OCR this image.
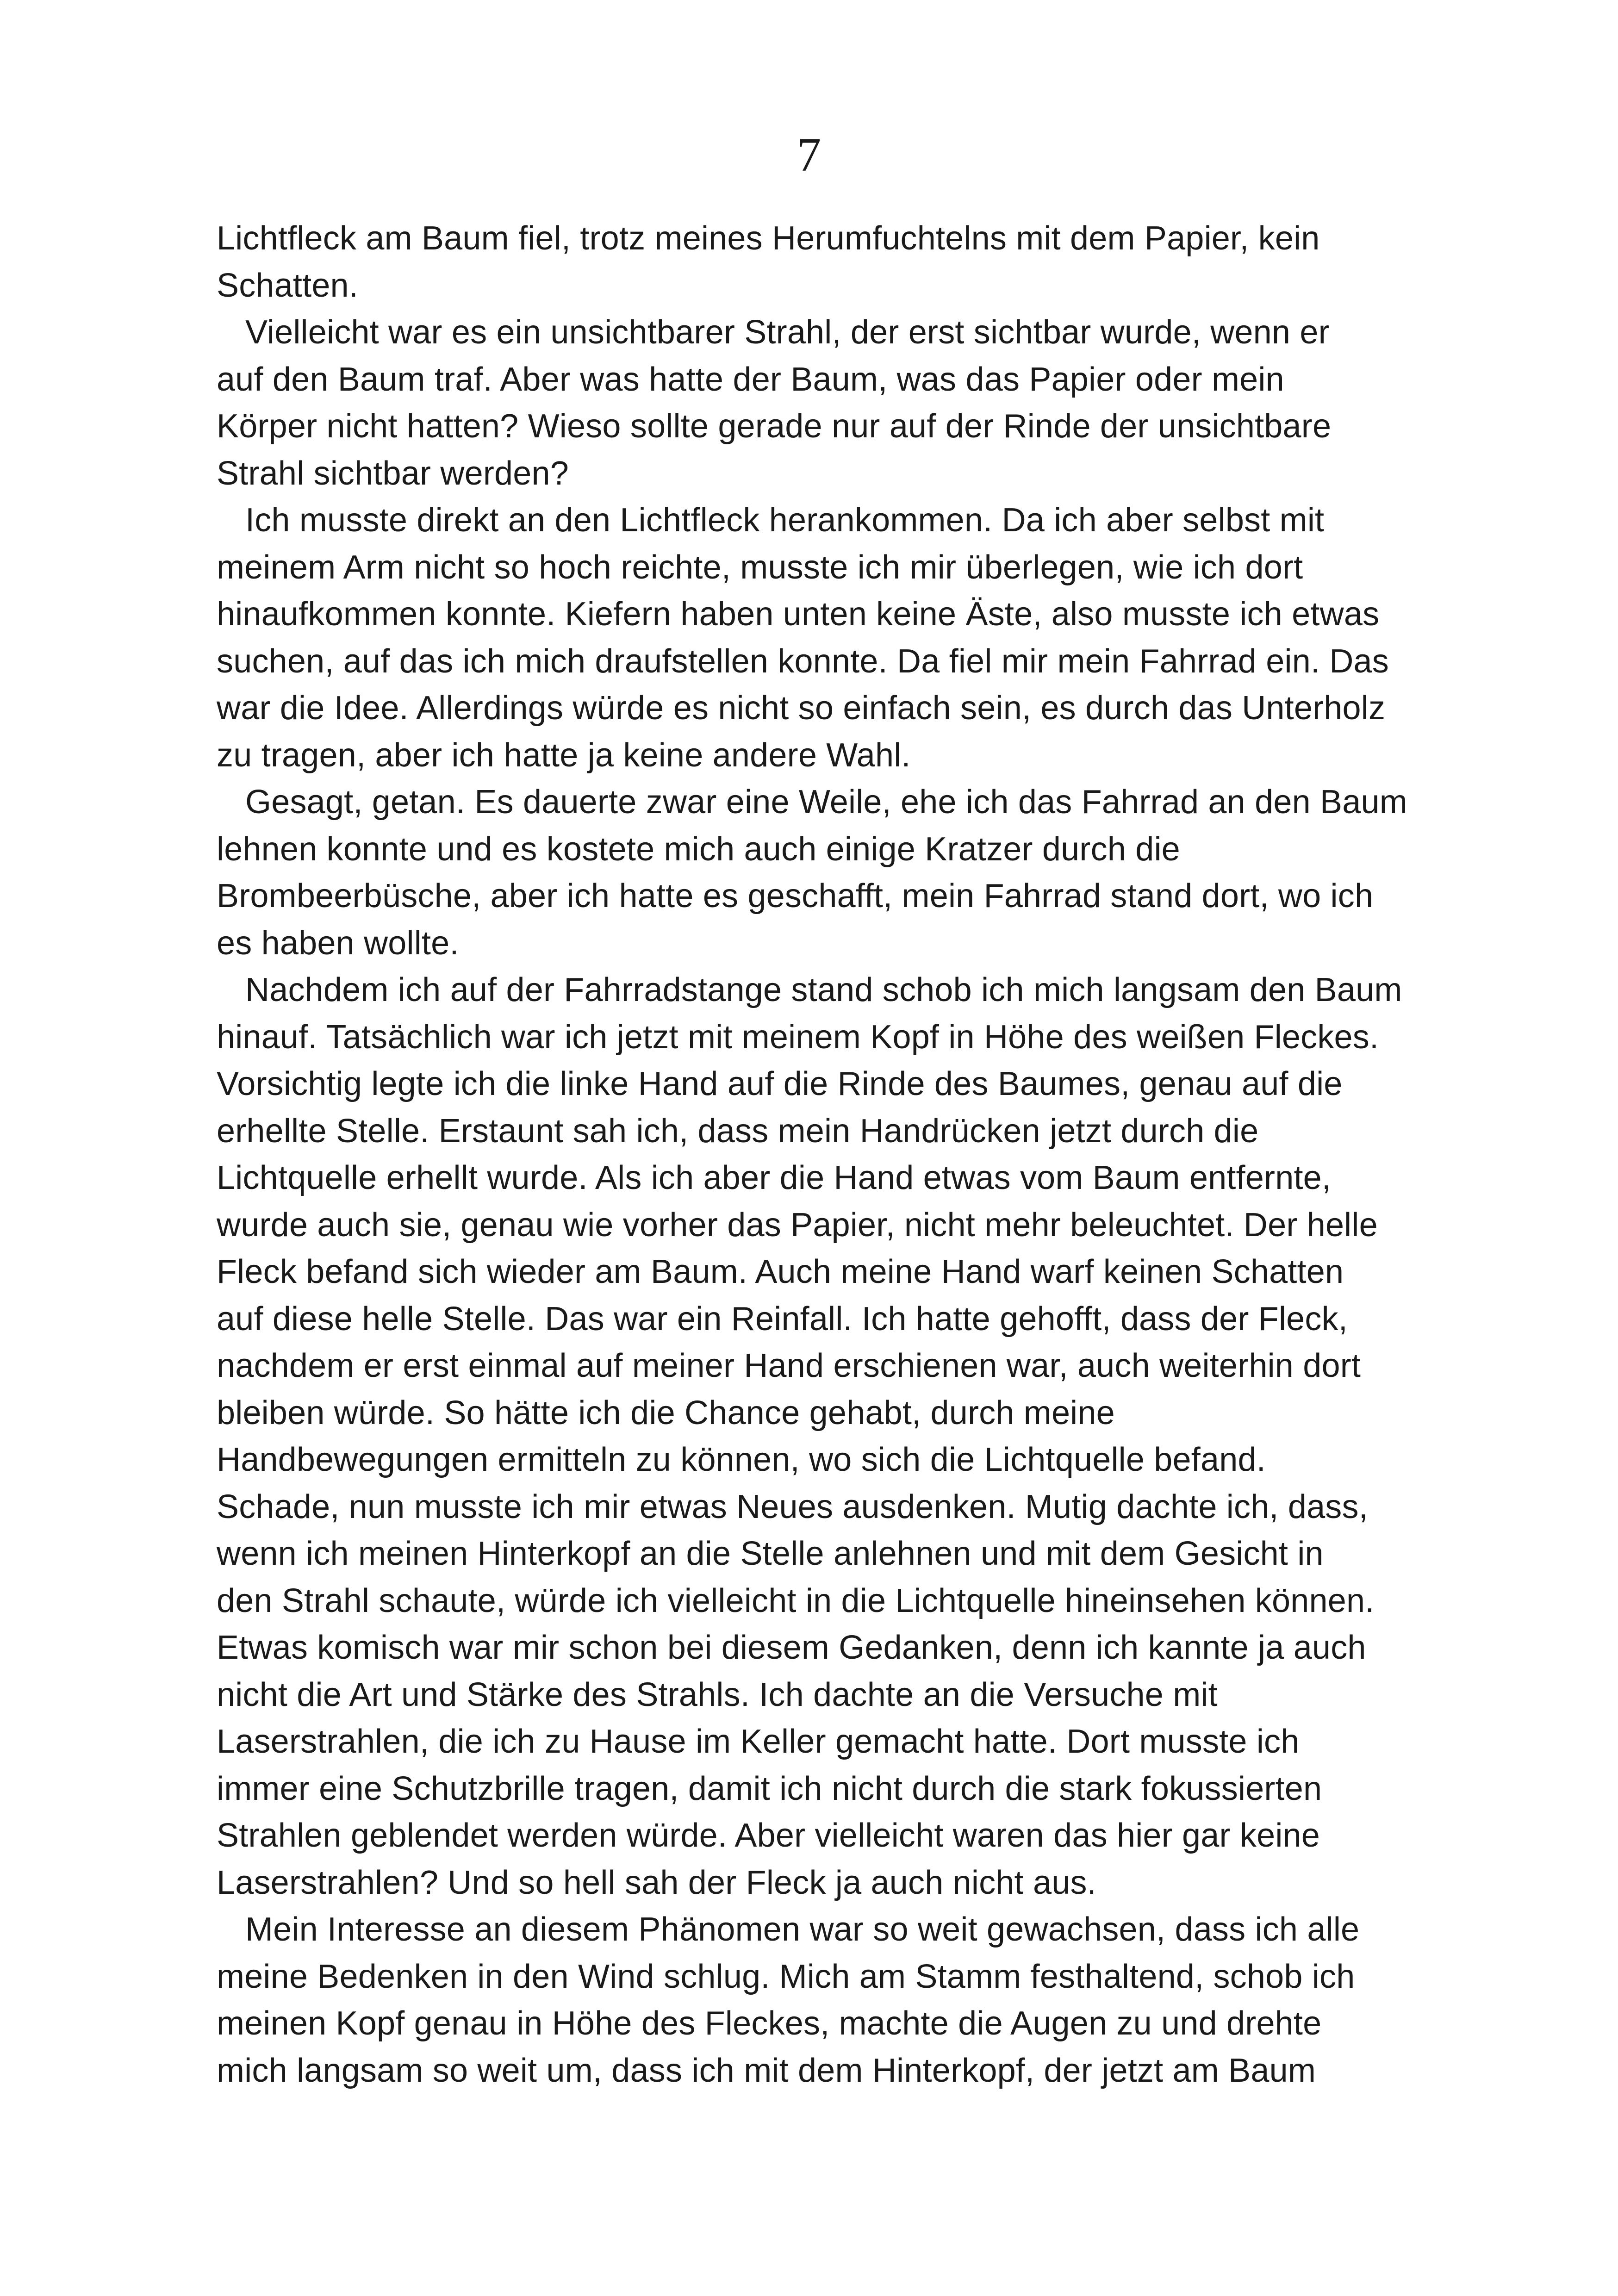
7
Lichtfleck am Baum fiel, trotz meines Herumfuchtelns mit dem Papier, kein
Schatten.
Vielleicht war es ein unsichtbarer Strahl, der erst sichtbar wurde, wenn er
auf den Baum traf. Aber was hatte der Baum, was das Papier oder mein
Körper nicht hatten? Wieso sollte gerade nur auf der Rinde der unsichtbare
Strahl sichtbar werden?
Ich musste direkt an den Lichtfleck herankommen. Da ich aber selbst mit
meinem Arm nicht so hoch reichte, musste ich mir überlegen, wie ich dort
hinaufkommen konnte. Kiefern haben unten keine Äste, also musste ich etwas
suchen, auf das ich mich draufstellen konnte. Da fiel mir mein Fahrrad ein. Das
war die Idee. Allerdings würde es nicht so einfach sein, es durch das Unterholz
zu tragen, aber ich hatte ja keine andere Wahl.
Gesagt, getan. Es dauerte zwar eine Weile, ehe ich das Fahrrad an den Baum
lehnen konnte und es kostete mich auch einige Kratzer durch die
Brombeerbüsche, aber ich hatte es geschafft, mein Fahrrad stand dort, wo ich
es haben wollte.
Nachdem ich auf der Fahrradstange stand schob ich mich langsam den Baum
hinauf. Tatsächlich war ich jetzt mit meinem Kopf in Höhe des weißen Fleckes.
Vorsichtig legte ich die linke Hand auf die Rinde des Baumes, genau auf die
erhellte Stelle. Erstaunt sah ich, dass mein Handrücken jetzt durch die
Lichtquelle erhellt wurde. Als ich aber die Hand etwas vom Baum entfernte,
wurde auch sie, genau wie vorher das Papier, nicht mehr beleuchtet. Der helle
Fleck befand sich wieder am Baum. Auch meine Hand warf keinen Schatten
auf diese helle Stelle. Das war ein Reinfall. Ich hatte gehofft, dass der Fleck,
nachdem er erst einmal auf meiner Hand erschienen war, auch weiterhin dort
bleiben würde. So hätte ich die Chance gehabt, durch meine
Handbewegungen ermitteln zu können, wo sich die Lichtquelle befand.
Schade, nun musste ich mir etwas Neues ausdenken. Mutig dachte ich, dass,
wenn ich meinen Hinterkopf an die Stelle anlehnen und mit dem Gesicht in
den Strahl schaute, würde ich vielleicht in die Lichtquelle hineinsehen können.
Etwas komisch war mir schon bei diesem Gedanken, denn ich kannte ja auch
nicht die Art und Stärke des Strahls. Ich dachte an die Versuche mit
Laserstrahlen, die ich zu Hause im Keller gemacht hatte. Dort musste ich
immer eine Schutzbrille tragen, damit ich nicht durch die stark fokussierten
Strahlen geblendet werden würde. Aber vielleicht waren das hier gar keine
Laserstrahlen? Und so hell sah der Fleck ja auch nicht aus.
Mein Interesse an diesem Phänomen war so weit gewachsen, dass ich alle
meine Bedenken in den Wind schlug. Mich am Stamm festhaltend, schob ich
meinen Kopf genau in Höhe des Fleckes, machte die Augen zu und drehte
mich langsam so weit um, dass ich mit dem Hinterkopf, der jetzt am Baum
